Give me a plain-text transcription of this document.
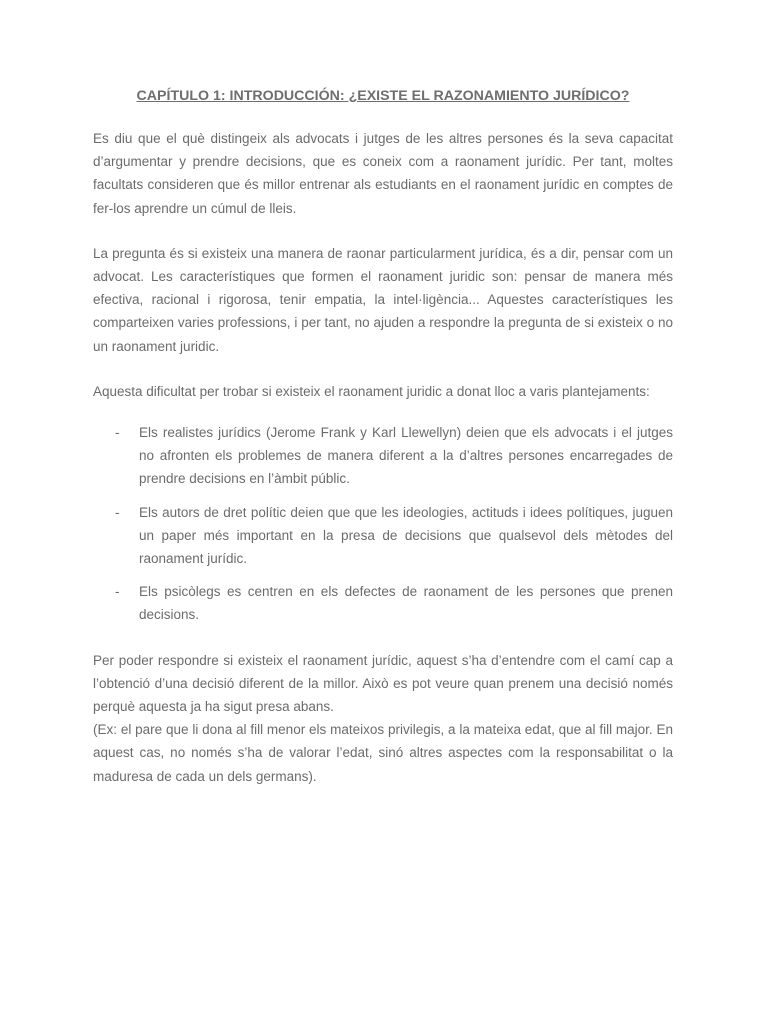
CAPÍTULO 1: INTRODUCCIÓN: ¿EXISTE EL RAZONAMIENTO JURÍDICO?

Es diu que el què distingeix als advocats i jutges de les altres persones és la seva capacitat d’argumentar y prendre decisions, que es coneix com a raonament jurídic. Per tant, moltes facultats consideren que és millor entrenar als estudiants en el raonament jurídic en comptes de fer-los aprendre un cúmul de lleis.

La pregunta és si existeix una manera de raonar particularment jurídica, és a dir, pensar com un advocat. Les característiques que formen el raonament juridic son: pensar de manera més efectiva, racional i rigorosa, tenir empatia, la intel·ligència... Aquestes característiques les comparteixen varies professions, i per tant, no ajuden a respondre la pregunta de si existeix o no un raonament juridic.

Aquesta dificultat per trobar si existeix el raonament juridic a donat lloc a varis plantejaments:

- Els realistes jurídics (Jerome Frank y Karl Llewellyn) deien que els advocats i el jutges no afronten els problemes de manera diferent a la d’altres persones encarregades de prendre decisions en l’àmbit públic.
- Els autors de dret polític deien que que les ideologies, actituds i idees polítiques, juguen un paper més important en la presa de decisions que qualsevol dels mètodes del raonament jurídic.
- Els psicòlegs es centren en els defectes de raonament de les persones que prenen decisions.

Per poder respondre si existeix el raonament jurídic, aquest s’ha d’entendre com el camí cap a l’obtenció d’una decisió diferent de la millor. Això es pot veure quan prenem una decisió només perquè aquesta ja ha sigut presa abans.
(Ex: el pare que li dona al fill menor els mateixos privilegis, a la mateixa edat, que al fill major. En aquest cas, no només s’ha de valorar l’edat, sinó altres aspectes com la responsabilitat o la maduresa de cada un dels germans).
